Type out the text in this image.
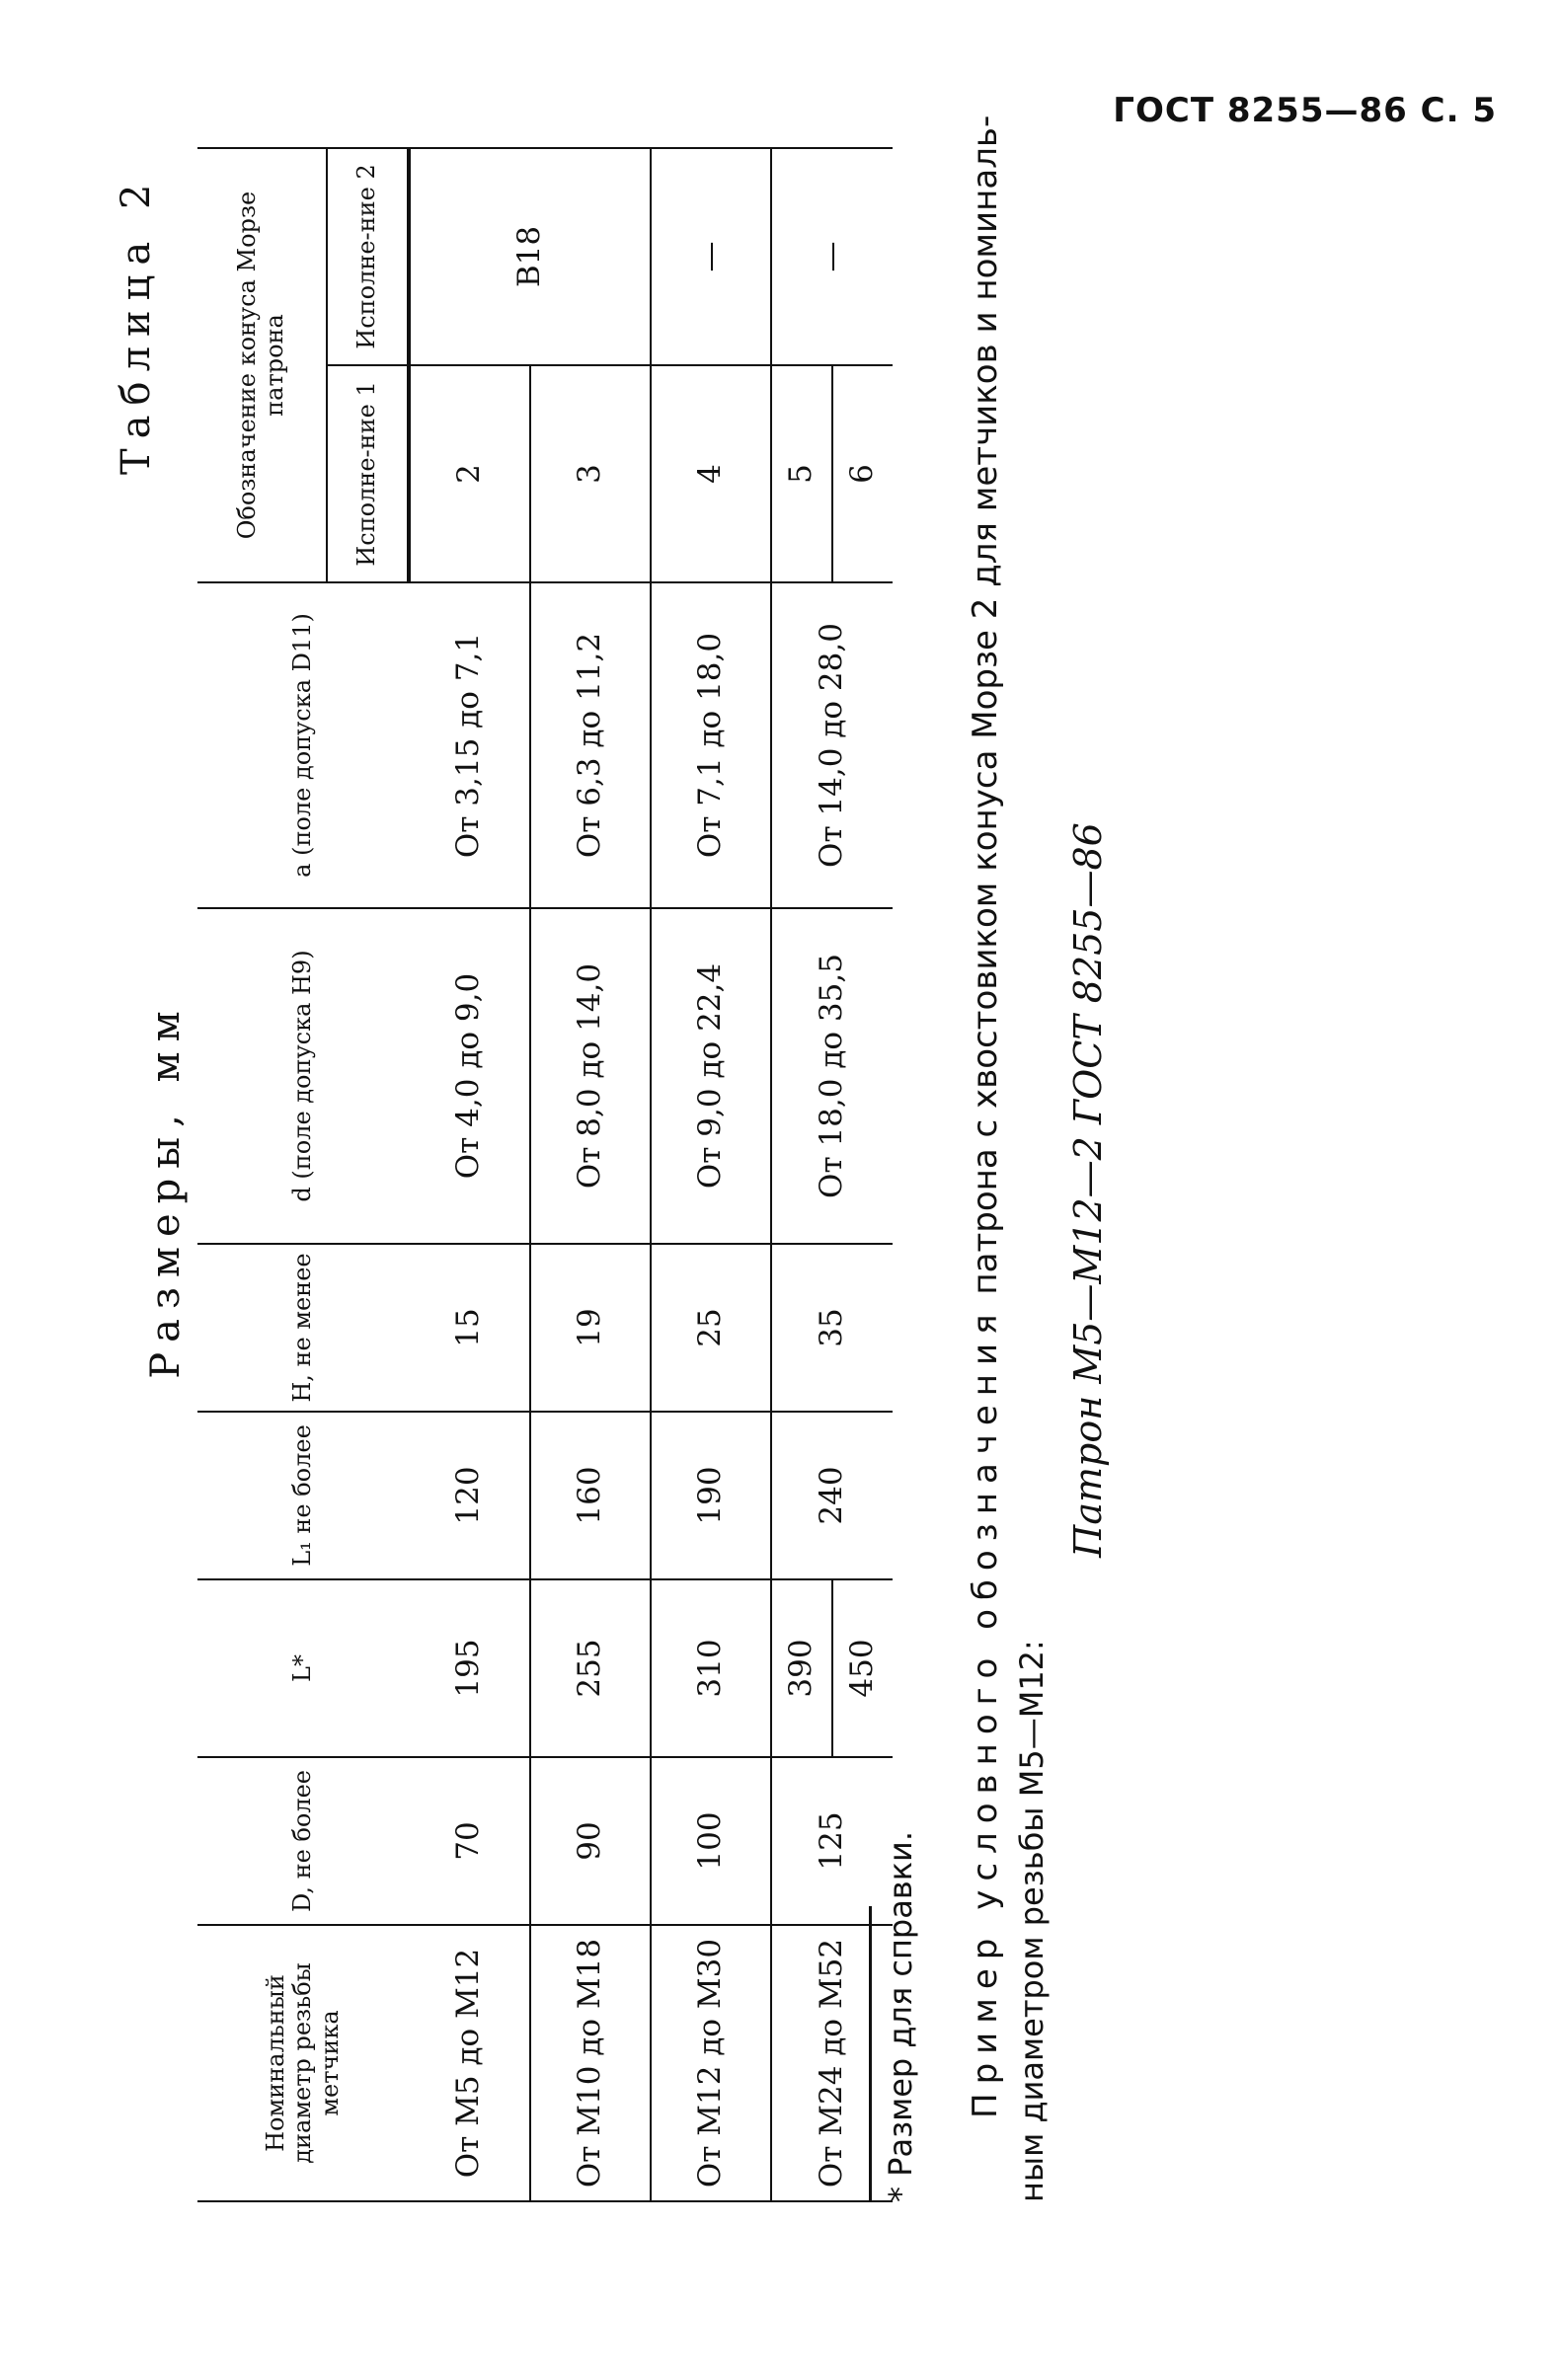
ГОСТ 8255—86 С. 5
Таблица 2
Размеры, мм
Номинальный диаметр резьбы метчика	D, не более	L*	L₁ не более	H, не менее	d (поле допуска H9)	a (поле допуска D11)	Обозначение конуса Морзе патрона	
							Исполне-ние 1	Исполне-ние 2
От М5 до М12	70	195	120	15	От 4,0 до 9,0	От 3,15 до 7,1	2	B18
От М10 до М18	90	255	160	19	От 8,0 до 14,0	От 6,3 до 11,2	3	
От М12 до М30	100	310	190	25	От 9,0 до 22,4	От 7,1 до 18,0	4	—
От М24 до М52	125	390	240	35	От 18,0 до 35,5	От 14,0 до 28,0	5	—
		450					6	
* Размер для справки. Пример условного обозначения патрона с хвостовиком конуса Морзе 2 для метчиков и номиналь-
ным диаметром резьбы М5—М12:
Патрон М5—М12—2 ГОСТ 8255—86
